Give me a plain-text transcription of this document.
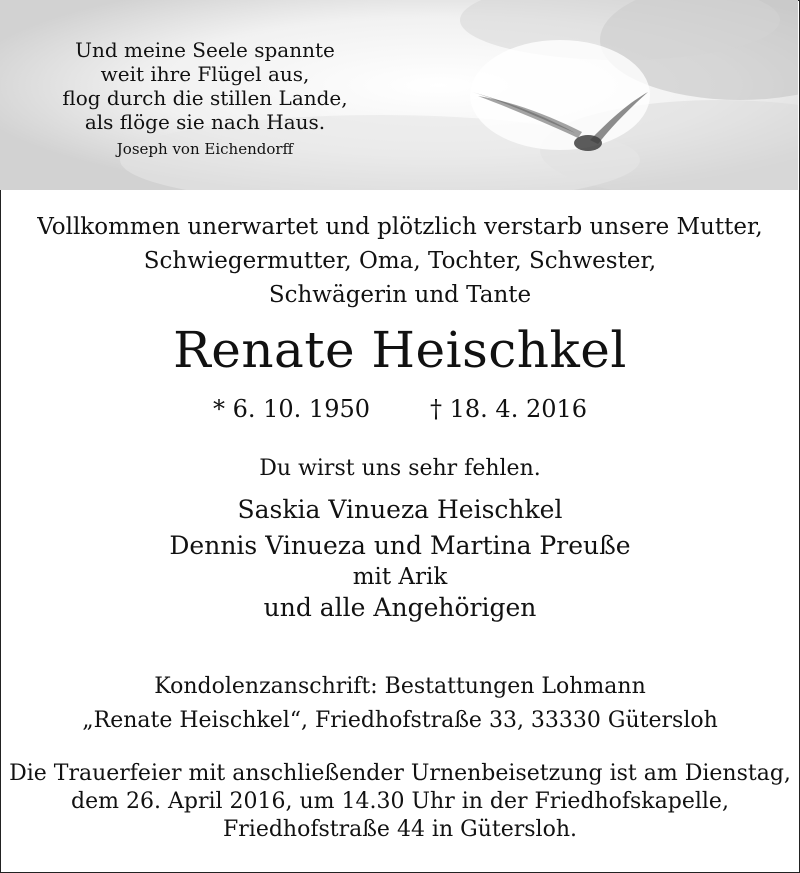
Und meine Seele spannte
weit ihre Flügel aus,
flog durch die stillen Lande,
als flöge sie nach Haus.
Joseph von Eichendorff
Vollkommen unerwartet und plötzlich verstarb unsere Mutter,
Schwiegermutter, Oma, Tochter, Schwester,
Schwägerin und Tante
Renate Heischkel
* 6. 10. 1950	† 18. 4. 2016
Du wirst uns sehr fehlen.
Saskia Vinueza Heischkel
Dennis Vinueza und Martina Preuße
mit Arik
und alle Angehörigen
Kondolenzanschrift: Bestattungen Lohmann
„Renate Heischkel“, Friedhofstraße 33, 33330 Gütersloh
Die Trauerfeier mit anschließender Urnenbeisetzung ist am Dienstag,
dem 26. April 2016, um 14.30 Uhr in der Friedhofskapelle,
Friedhofstraße 44 in Gütersloh.
